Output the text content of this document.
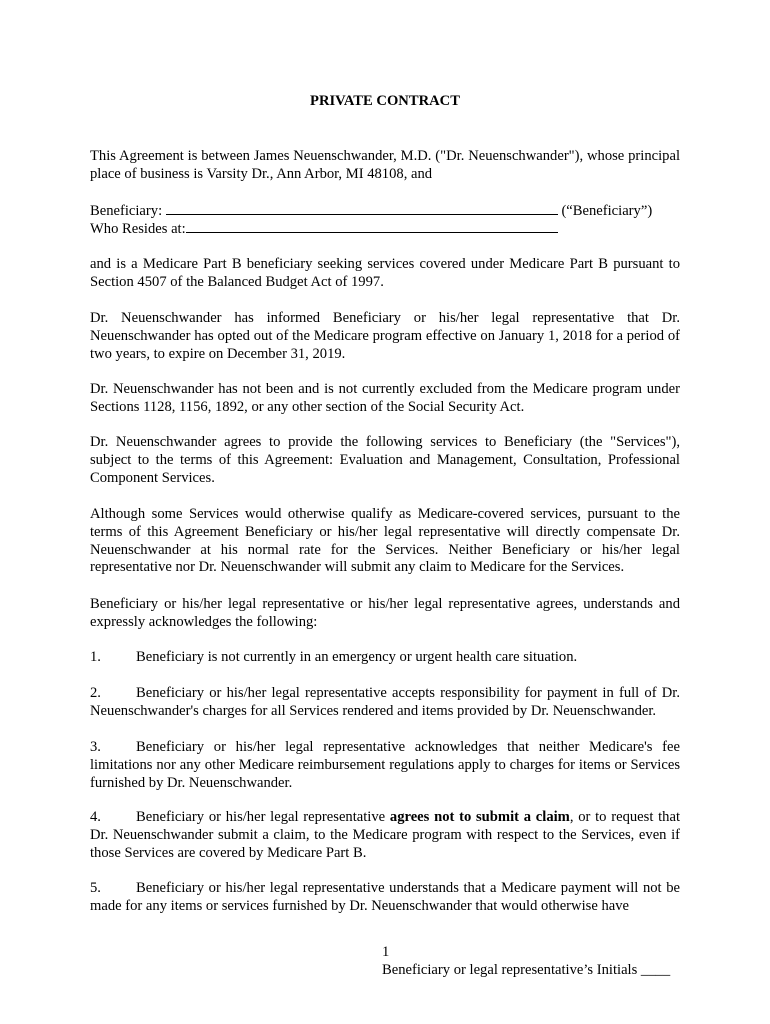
PRIVATE CONTRACT

This Agreement is between James Neuenschwander, M.D. ("Dr. Neuenschwander"), whose principal place of business is Varsity Dr., Ann Arbor, MI 48108, and

Beneficiary:	(“Beneficiary”)
Who Resides at:

and is a Medicare Part B beneficiary seeking services covered under Medicare Part B pursuant to Section 4507 of the Balanced Budget Act of 1997.

Dr. Neuenschwander has informed Beneficiary or his/her legal representative that Dr. Neuenschwander has opted out of the Medicare program effective on January 1, 2018 for a period of two years, to expire on December 31, 2019.

Dr. Neuenschwander has not been and is not currently excluded from the Medicare program under Sections 1128, 1156, 1892, or any other section of the Social Security Act.

Dr. Neuenschwander agrees to provide the following services to Beneficiary (the "Services"), subject to the terms of this Agreement: Evaluation and Management, Consultation, Professional Component Services.

Although some Services would otherwise qualify as Medicare-covered services, pursuant to the terms of this Agreement Beneficiary or his/her legal representative will directly compensate Dr. Neuenschwander at his normal rate for the Services. Neither Beneficiary or his/her legal representative nor Dr. Neuenschwander will submit any claim to Medicare for the Services.

Beneficiary or his/her legal representative or his/her legal representative agrees, understands and expressly acknowledges the following:

1. Beneficiary is not currently in an emergency or urgent health care situation.

2. Beneficiary or his/her legal representative accepts responsibility for payment in full of Dr. Neuenschwander's charges for all Services rendered and items provided by Dr. Neuenschwander.

3. Beneficiary or his/her legal representative acknowledges that neither Medicare's fee limitations nor any other Medicare reimbursement regulations apply to charges for items or Services furnished by Dr. Neuenschwander.

4. Beneficiary or his/her legal representative agrees not to submit a claim, or to request that Dr. Neuenschwander submit a claim, to the Medicare program with respect to the Services, even if those Services are covered by Medicare Part B.

5. Beneficiary or his/her legal representative understands that a Medicare payment will not be made for any items or services furnished by Dr. Neuenschwander that would otherwise have

1
Beneficiary or legal representative’s Initials ____
